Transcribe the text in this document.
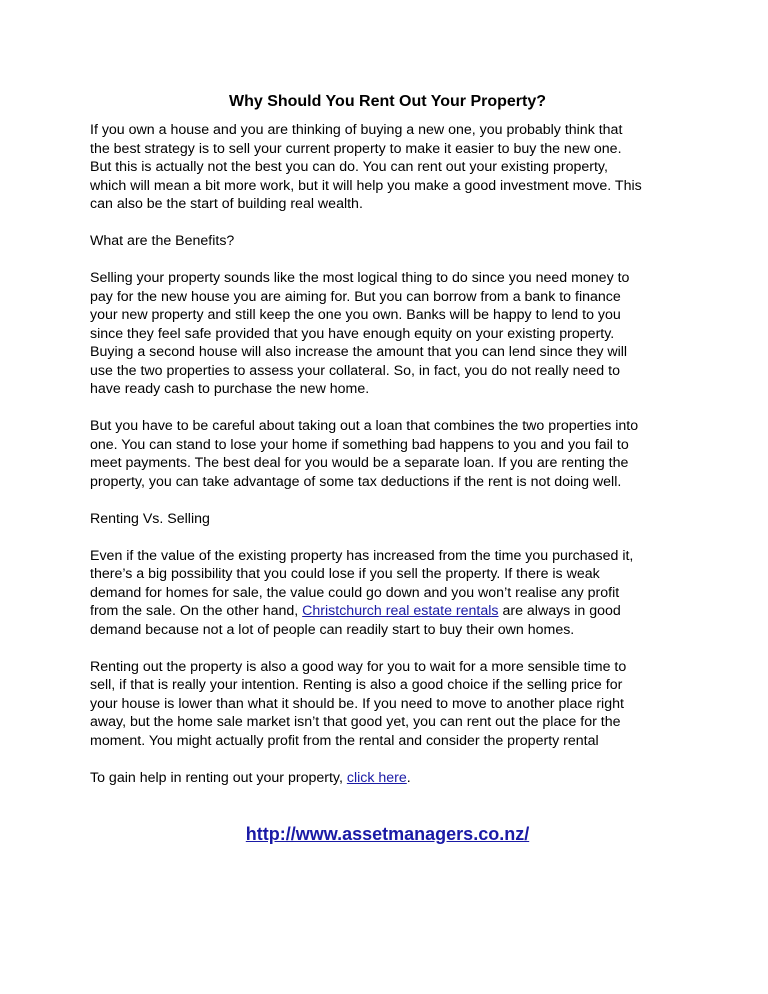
Why Should You Rent Out Your Property?
If you own a house and you are thinking of buying a new one, you probably think that
the best strategy is to sell your current property to make it easier to buy the new one.
But this is actually not the best you can do. You can rent out your existing property,
which will mean a bit more work, but it will help you make a good investment move. This
can also be the start of building real wealth.
What are the Benefits?
Selling your property sounds like the most logical thing to do since you need money to
pay for the new house you are aiming for. But you can borrow from a bank to finance
your new property and still keep the one you own. Banks will be happy to lend to you
since they feel safe provided that you have enough equity on your existing property.
Buying a second house will also increase the amount that you can lend since they will
use the two properties to assess your collateral. So, in fact, you do not really need to
have ready cash to purchase the new home.
But you have to be careful about taking out a loan that combines the two properties into
one. You can stand to lose your home if something bad happens to you and you fail to
meet payments. The best deal for you would be a separate loan. If you are renting the
property, you can take advantage of some tax deductions if the rent is not doing well.
Renting Vs. Selling
Even if the value of the existing property has increased from the time you purchased it,
there’s a big possibility that you could lose if you sell the property. If there is weak
demand for homes for sale, the value could go down and you won’t realise any profit
from the sale. On the other hand, Christchurch real estate rentals are always in good
demand because not a lot of people can readily start to buy their own homes.
Renting out the property is also a good way for you to wait for a more sensible time to
sell, if that is really your intention. Renting is also a good choice if the selling price for
your house is lower than what it should be. If you need to move to another place right
away, but the home sale market isn’t that good yet, you can rent out the place for the
moment. You might actually profit from the rental and consider the property rental
To gain help in renting out your property, click here.
http://www.assetmanagers.co.nz/
